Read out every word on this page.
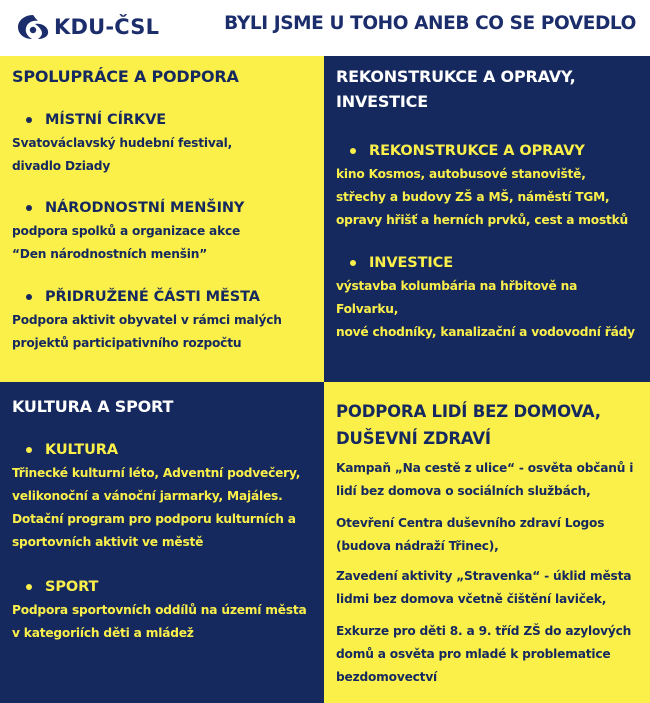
KDU-ČSL	BYLI JSME U TOHO ANEB CO SE POVEDLO
SPOLUPRÁCE A PODPORA
MÍSTNÍ CÍRKVE
Svatováclavský hudební festival,
divadlo Dziady
NÁRODNOSTNÍ MENŠINY
podpora spolků a organizace akce
“Den národnostních menšin”
PŘIDRUŽENÉ ČÁSTI MĚSTA
Podpora aktivit obyvatel v rámci malých
projektů participativního rozpočtu
REKONSTRUKCE A OPRAVY,
INVESTICE
REKONSTRUKCE A OPRAVY
kino Kosmos, autobusové stanoviště,
střechy a budovy ZŠ a MŠ, náměstí TGM,
opravy hřišť a herních prvků, cest a mostků
INVESTICE
výstavba kolumbária na hřbitově na Folvarku,
nové chodníky, kanalizační a vodovodní řády
KULTURA A SPORT
KULTURA
Třinecké kulturní léto, Adventní podvečery,
velikonoční a vánoční jarmarky, Majáles.
Dotační program pro podporu kulturních a
sportovních aktivit ve městě
SPORT
Podpora sportovních oddílů na území města
v kategoriích děti a mládež
PODPORA LIDÍ BEZ DOMOVA,
DUŠEVNÍ ZDRAVÍ
Kampaň „Na cestě z ulice“ - osvěta občanů i
lidí bez domova o sociálních službách,
Otevření Centra duševního zdraví Logos
(budova nádraží Třinec),
Zavedení aktivity „Stravenka“ - úklid města
lidmi bez domova včetně čištění laviček,
Exkurze pro děti 8. a 9. tříd ZŠ do azylových
domů a osvěta pro mladé k problematice
bezdomovectví
